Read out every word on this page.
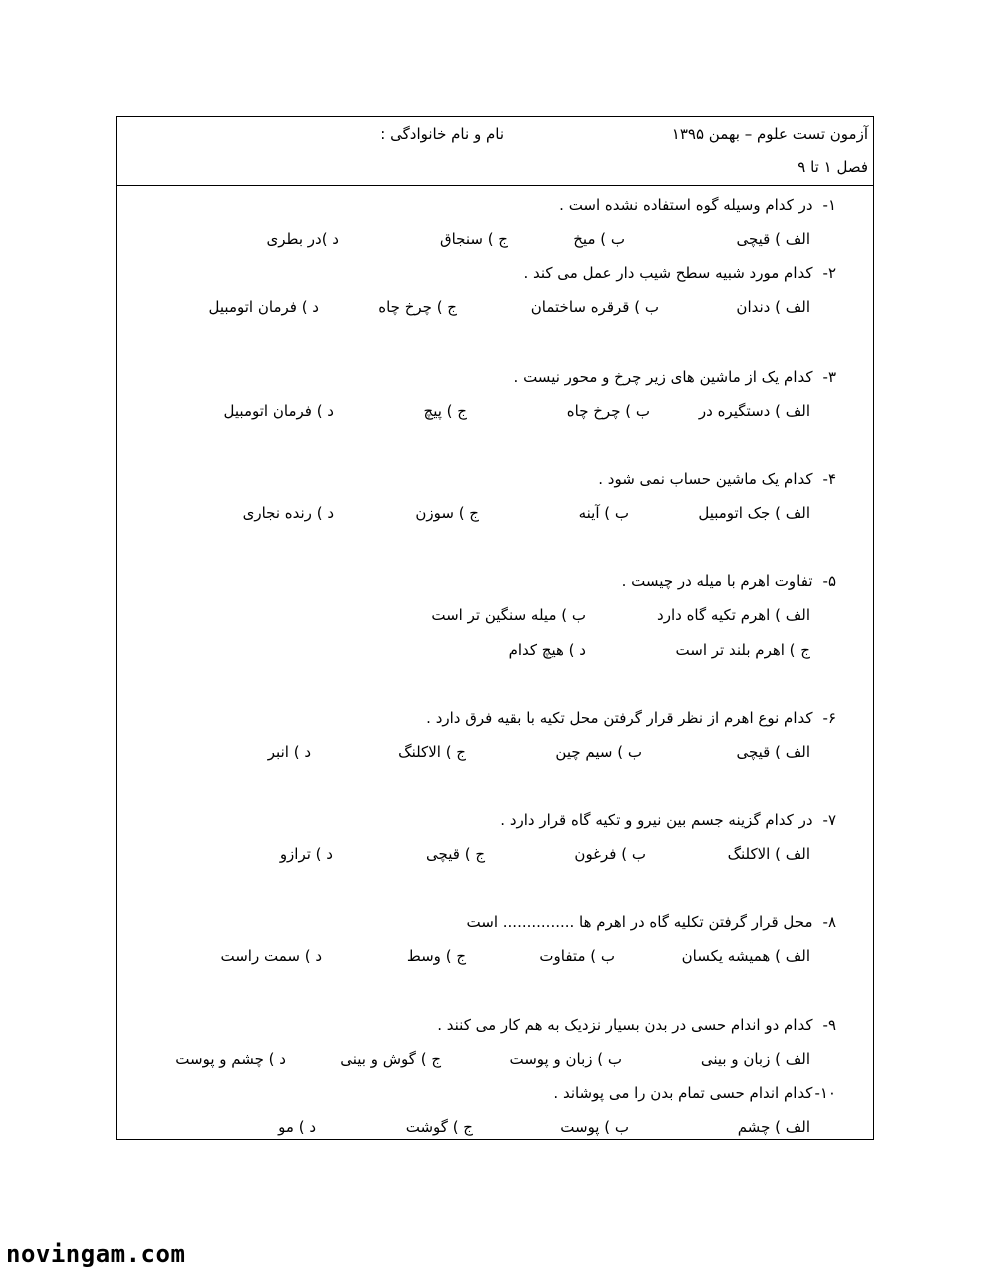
آزمون تست علوم – بهمن ۱۳۹۵
نام و نام خانوادگی :
فصل ۱ تا ۹
۱-در کدام وسیله گوه استفاده نشده است .
الف ) قیچی
ب ) میخ
ج ) سنجاق
د )در بطری
۲-کدام مورد شبیه سطح شیب دار عمل می کند .
الف ) دندان
ب ) قرقره ساختمان
ج ) چرخ چاه
د ) فرمان اتومبیل
۳-کدام یک از ماشین های زیر چرخ و محور نیست .
الف ) دستگیره در
ب ) چرخ چاه
ج ) پیچ
د ) فرمان اتومبیل
۴-کدام یک ماشین حساب نمی شود .
الف ) جک اتومبیل
ب ) آینه
ج ) سوزن
د ) رنده نجاری
۵-تفاوت اهرم با میله در چیست .
الف ) اهرم تکیه گاه دارد
ب ) میله سنگین تر است
ج ) اهرم بلند تر است
د ) هیچ کدام
۶-کدام نوع اهرم از نظر قرار گرفتن محل تکیه با بقیه فرق دارد .
الف ) قیچی
ب ) سیم چین
ج ) الاکلنگ
د ) انبر
۷-در کدام گزینه جسم بین نیرو و تکیه گاه قرار دارد .
الف ) الاکلنگ
ب ) فرغون
ج ) قیچی
د ) ترازو
۸-محل قرار گرفتن تکلیه گاه در اهرم ها ............... است
الف ) همیشه یکسان
ب ) متفاوت
ج ) وسط
د ) سمت راست
۹-کدام دو اندام حسی در بدن بسیار نزدیک به هم کار می کنند .
الف ) زبان و بینی
ب ) زبان و پوست
ج ) گوش و بینی
د ) چشم و پوست
۱۰-کدام اندام حسی تمام بدن را می پوشاند .
الف ) چشم
ب ) پوست
ج ) گوشت
د ) مو
novingam.com
